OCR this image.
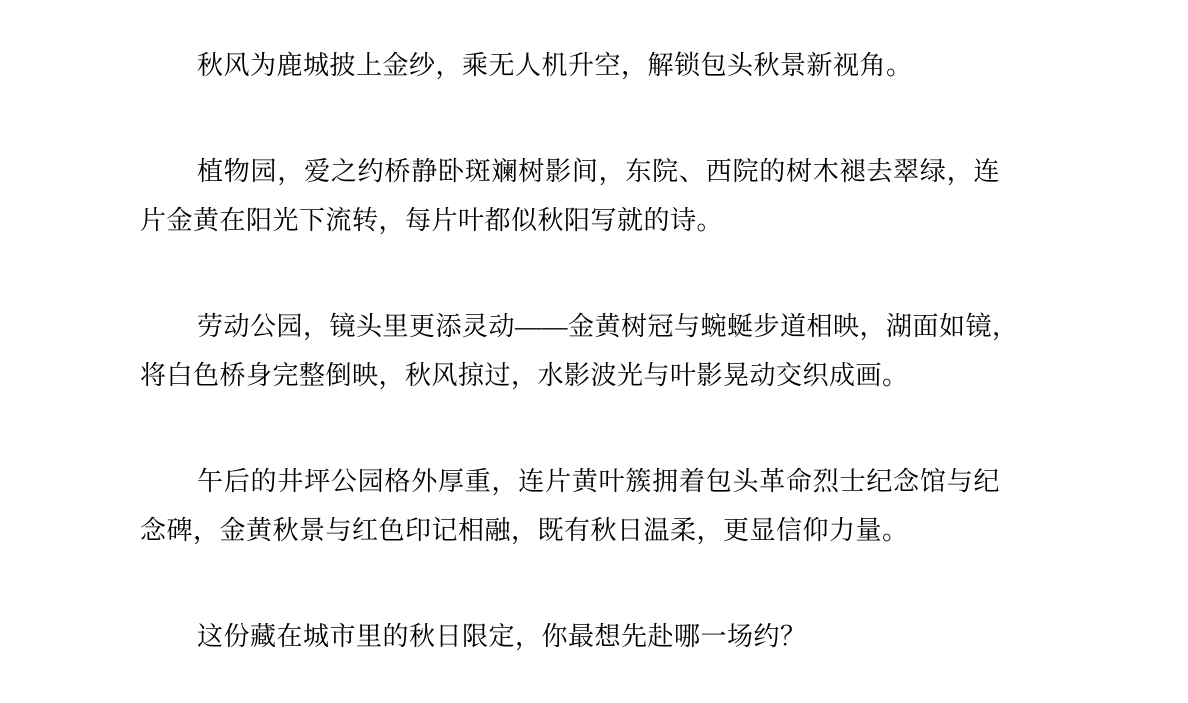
秋风为鹿城披上金纱，乘无人机升空，解锁包头秋景新视角。
植物园，爱之约桥静卧斑斓树影间，东院、西院的树木褪去翠绿，连
片金黄在阳光下流转，每片叶都似秋阳写就的诗。
劳动公园，镜头里更添灵动——金黄树冠与蜿蜒步道相映，湖面如镜，
将白色桥身完整倒映，秋风掠过，水影波光与叶影晃动交织成画。
午后的井坪公园格外厚重，连片黄叶簇拥着包头革命烈士纪念馆与纪
念碑，金黄秋景与红色印记相融，既有秋日温柔，更显信仰力量。
这份藏在城市里的秋日限定，你最想先赴哪一场约？
